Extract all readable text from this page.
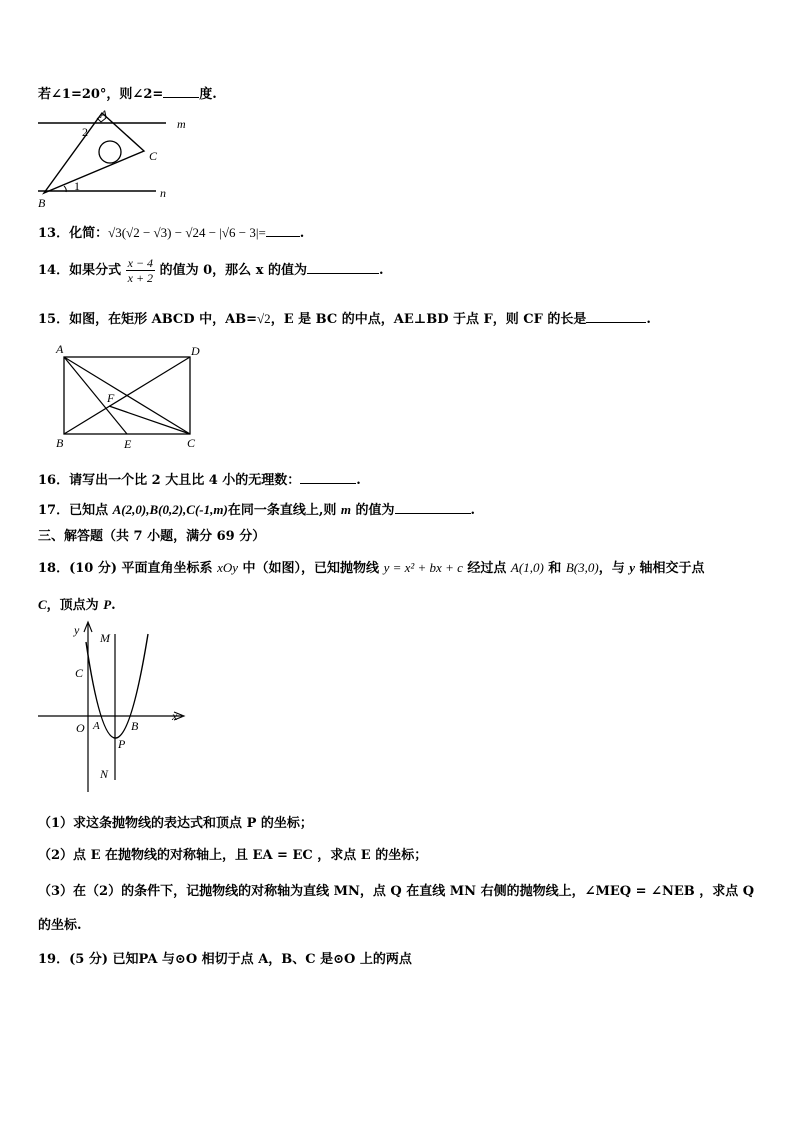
若∠1=20°，则∠2=	度.
A
2
m
C
1	n
B
13．化简：√3(√2 − √3) − √24 − |√6 − 3|=	.
14．如果分式 $\frac{x - 4}{x + 2}$ 的值为 0，那么 x 的值为	.
15．如图，在矩形 ABCD 中，AB=√2，E 是 BC 的中点，AE⊥BD 于点 F，则 CF 的长是	.
A	D
F
B	E	C
16．请写出一个比 2 大且比 4 小的无理数：	.
17．已知点 A(2,0),B(0,2),C(-1,m)在同一条直线上,则 m 的值为	.
三、解答题（共 7 小题，满分 69 分）
18．(10 分) 平面直角坐标系 xOy 中（如图），已知抛物线 y = x² + bx + c 经过点 A(1,0) 和 B(3,0)，与 y 轴相交于点
C，顶点为 P.
y
M
C
x
O A	B
P
N
（1）求这条抛物线的表达式和顶点 P 的坐标；
（2）点 E 在抛物线的对称轴上，且 EA = EC ，求点 E 的坐标；
（3）在（2）的条件下，记抛物线的对称轴为直线 MN，点 Q 在直线 MN 右侧的抛物线上，∠MEQ = ∠NEB ，求点 Q
的坐标.
19．(5 分) 已知PA 与⊙O 相切于点 A，B、C 是⊙O 上的两点
